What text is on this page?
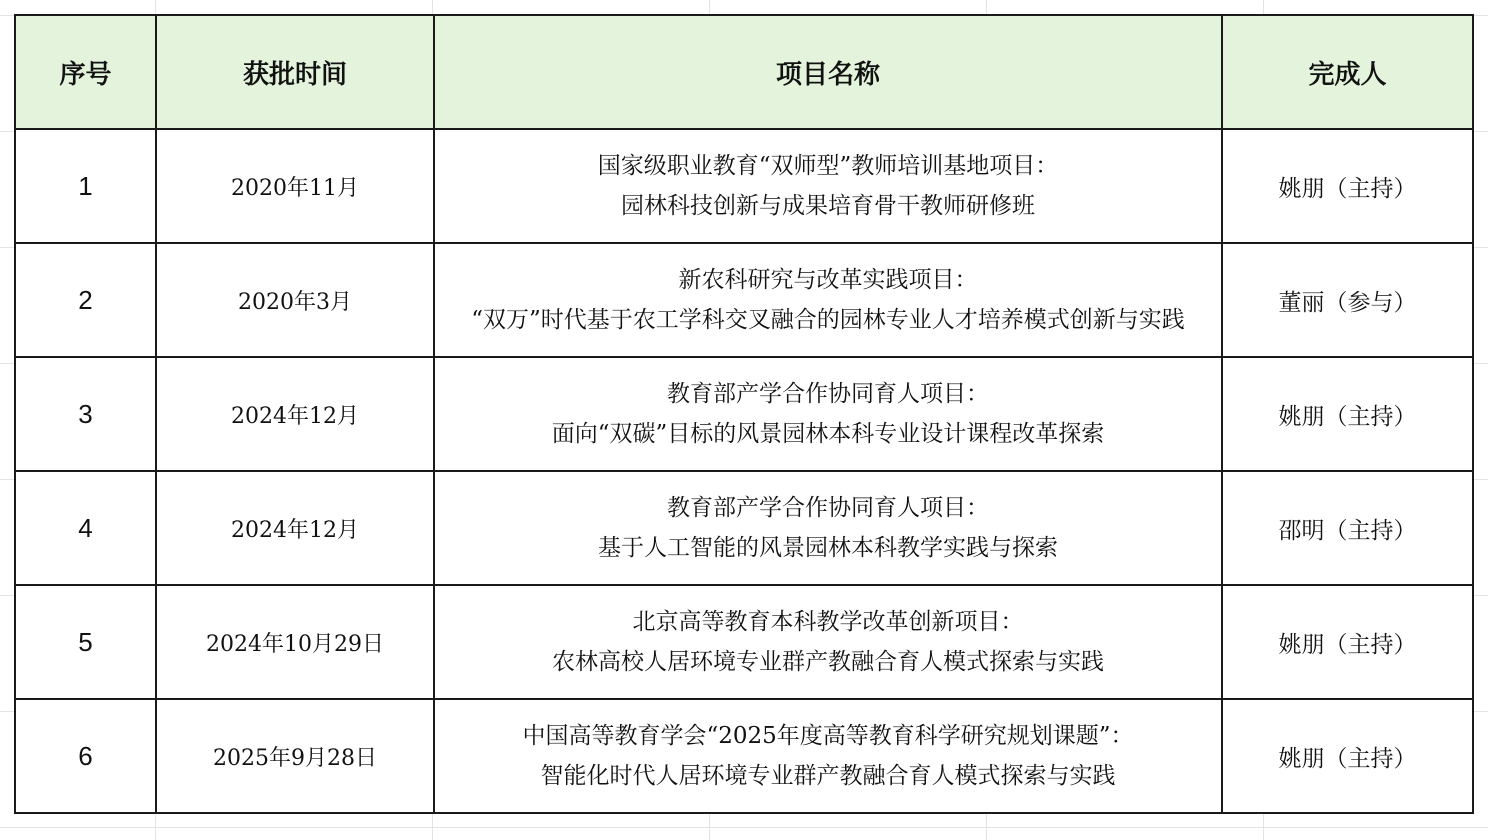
序号	获批时间	项目名称	完成人
1	2020年11月	国家级职业教育“双师型”教师培训基地项目：
园林科技创新与成果培育骨干教师研修班	姚朋（主持）
2	2020年3月	新农科研究与改革实践项目：
“双万”时代基于农工学科交叉融合的园林专业人才培养模式创新与实践	董丽（参与）
3	2024年12月	教育部产学合作协同育人项目：
面向“双碳”目标的风景园林本科专业设计课程改革探索	姚朋（主持）
4	2024年12月	教育部产学合作协同育人项目：
基于人工智能的风景园林本科教学实践与探索	邵明（主持）
5	2024年10月29日	北京高等教育本科教学改革创新项目：
农林高校人居环境专业群产教融合育人模式探索与实践	姚朋（主持）
6	2025年9月28日	中国高等教育学会“2025年度高等教育科学研究规划课题”：
智能化时代人居环境专业群产教融合育人模式探索与实践	姚朋（主持）
